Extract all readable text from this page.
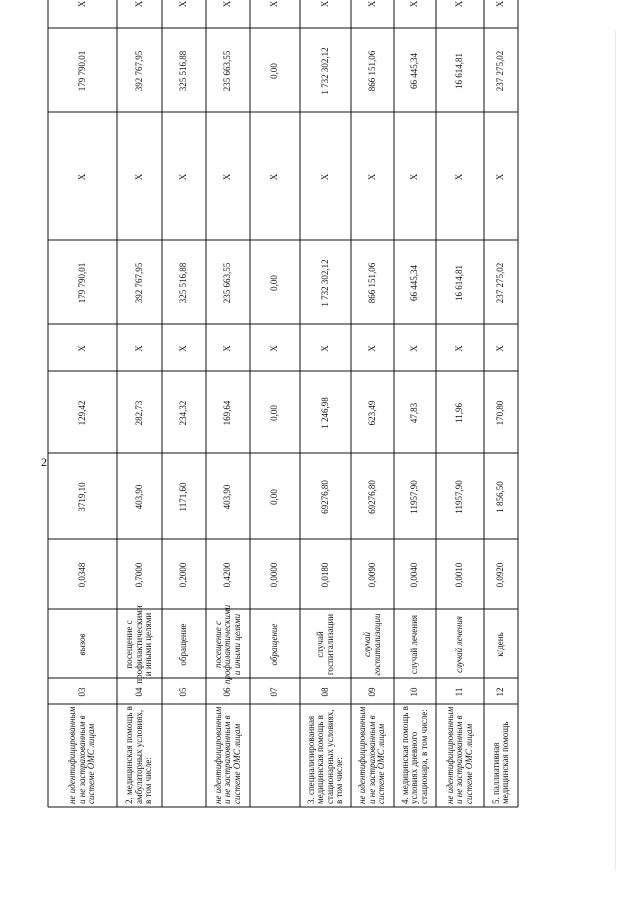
2
не идентифицированным и не застрахованным в системе ОМС лицам
03
вызов
0,0348
3719,10
129,42
X
179 790,01
X
179 790,01
X
2. медицинская помощь в амбулаторных условиях, в том числе:
04
посещение с профилактическими и иными целями
0,7000
403,90
282,73
X
392 767,95
X
392 767,95
X
05
обращение
0,2000
1171,60
234,32
X
325 516,88
X
325 516,88
X
не идентифицированным и не застрахованным в системе ОМС лицам
06
посещение с профилактическими и иными целями
0,4200
403,90
169,64
X
235 663,55
X
235 663,55
X
07
обращение
0,0000
0,00
0,00
X
0,00
X
0,00
X
3. специализированная медицинская помощь в стационарных условиях, в том числе:
08
случай госпитализации
0,0180
69276,80
1 246,98
X
1 732 302,12
X
1 732 302,12
X
не идентифицированным и не застрахованным в системе ОМС лицам
09
случай госпитализации
0,0090
69276,80
623,49
X
866 151,06
X
866 151,06
X
4. медицинская помощь в условиях дневного стационара, в том числе:
10
случай лечения
0,0040
11957,90
47,83
X
66 445,34
X
66 445,34
X
не идентифицированным и не застрахованным в системе ОМС лицам
11
случай лечения
0,0010
11957,90
11,96
X
16 614,81
X
16 614,81
X
5. паллиативная медицинская помощь
12
к/день
0,0920
1 856,50
170,80
X
237 275,02
X
237 275,02
X
